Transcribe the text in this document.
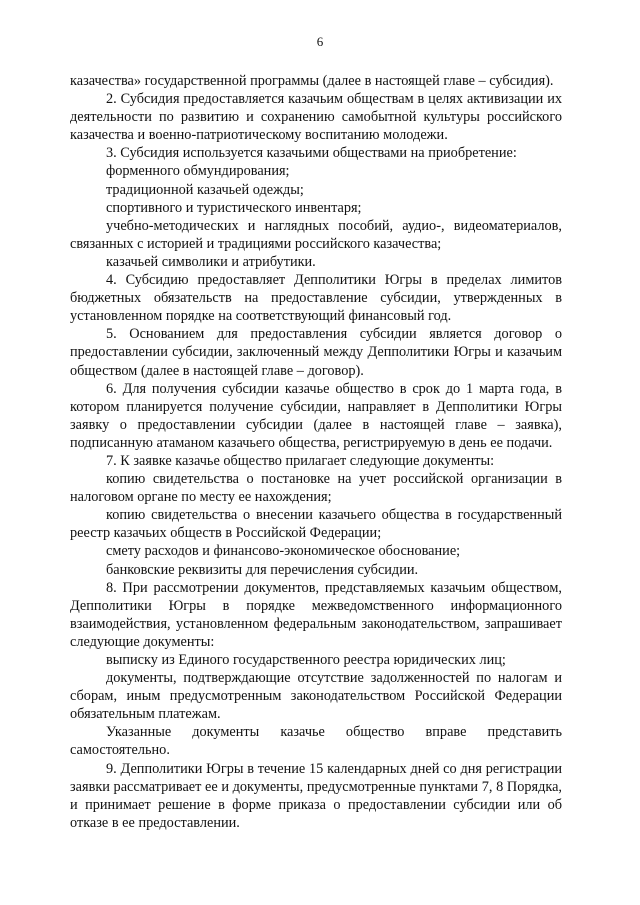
6

казачества» государственной программы (далее в настоящей главе – субсидия).

2. Субсидия предоставляется казачьим обществам в целях активизации их деятельности по развитию и сохранению самобытной культуры российского казачества и военно-патриотическому воспитанию молодежи.

3. Субсидия используется казачьими обществами на приобретение:

форменного обмундирования;

традиционной казачьей одежды;

спортивного и туристического инвентаря;

учебно-методических и наглядных пособий, аудио-, видеоматериалов, связанных с историей и традициями российского казачества;

казачьей символики и атрибутики.

4. Субсидию предоставляет Депполитики Югры в пределах лимитов бюджетных обязательств на предоставление субсидии, утвержденных в установленном порядке на соответствующий финансовый год.

5. Основанием для предоставления субсидии является договор о предоставлении субсидии, заключенный между Депполитики Югры и казачьим обществом (далее в настоящей главе – договор).

6. Для получения субсидии казачье общество в срок до 1 марта года, в котором планируется получение субсидии, направляет в Депполитики Югры заявку о предоставлении субсидии (далее в настоящей главе – заявка), подписанную атаманом казачьего общества, регистрируемую в день ее подачи.

7. К заявке казачье общество прилагает следующие документы:

копию свидетельства о постановке на учет российской организации в налоговом органе по месту ее нахождения;

копию свидетельства о внесении казачьего общества в государственный реестр казачьих обществ в Российской Федерации;

смету расходов и финансово-экономическое обоснование;

банковские реквизиты для перечисления субсидии.

8. При рассмотрении документов, представляемых казачьим обществом, Депполитики Югры в порядке межведомственного информационного взаимодействия, установленном федеральным законодательством, запрашивает следующие документы:

выписку из Единого государственного реестра юридических лиц;

документы, подтверждающие отсутствие задолженностей по налогам и сборам, иным предусмотренным законодательством Российской Федерации обязательным платежам.

Указанные документы казачье общество вправе представить самостоятельно.

9. Депполитики Югры в течение 15 календарных дней со дня регистрации заявки рассматривает ее и документы, предусмотренные пунктами 7, 8 Порядка, и принимает решение в форме приказа о предоставлении субсидии или об отказе в ее предоставлении.
